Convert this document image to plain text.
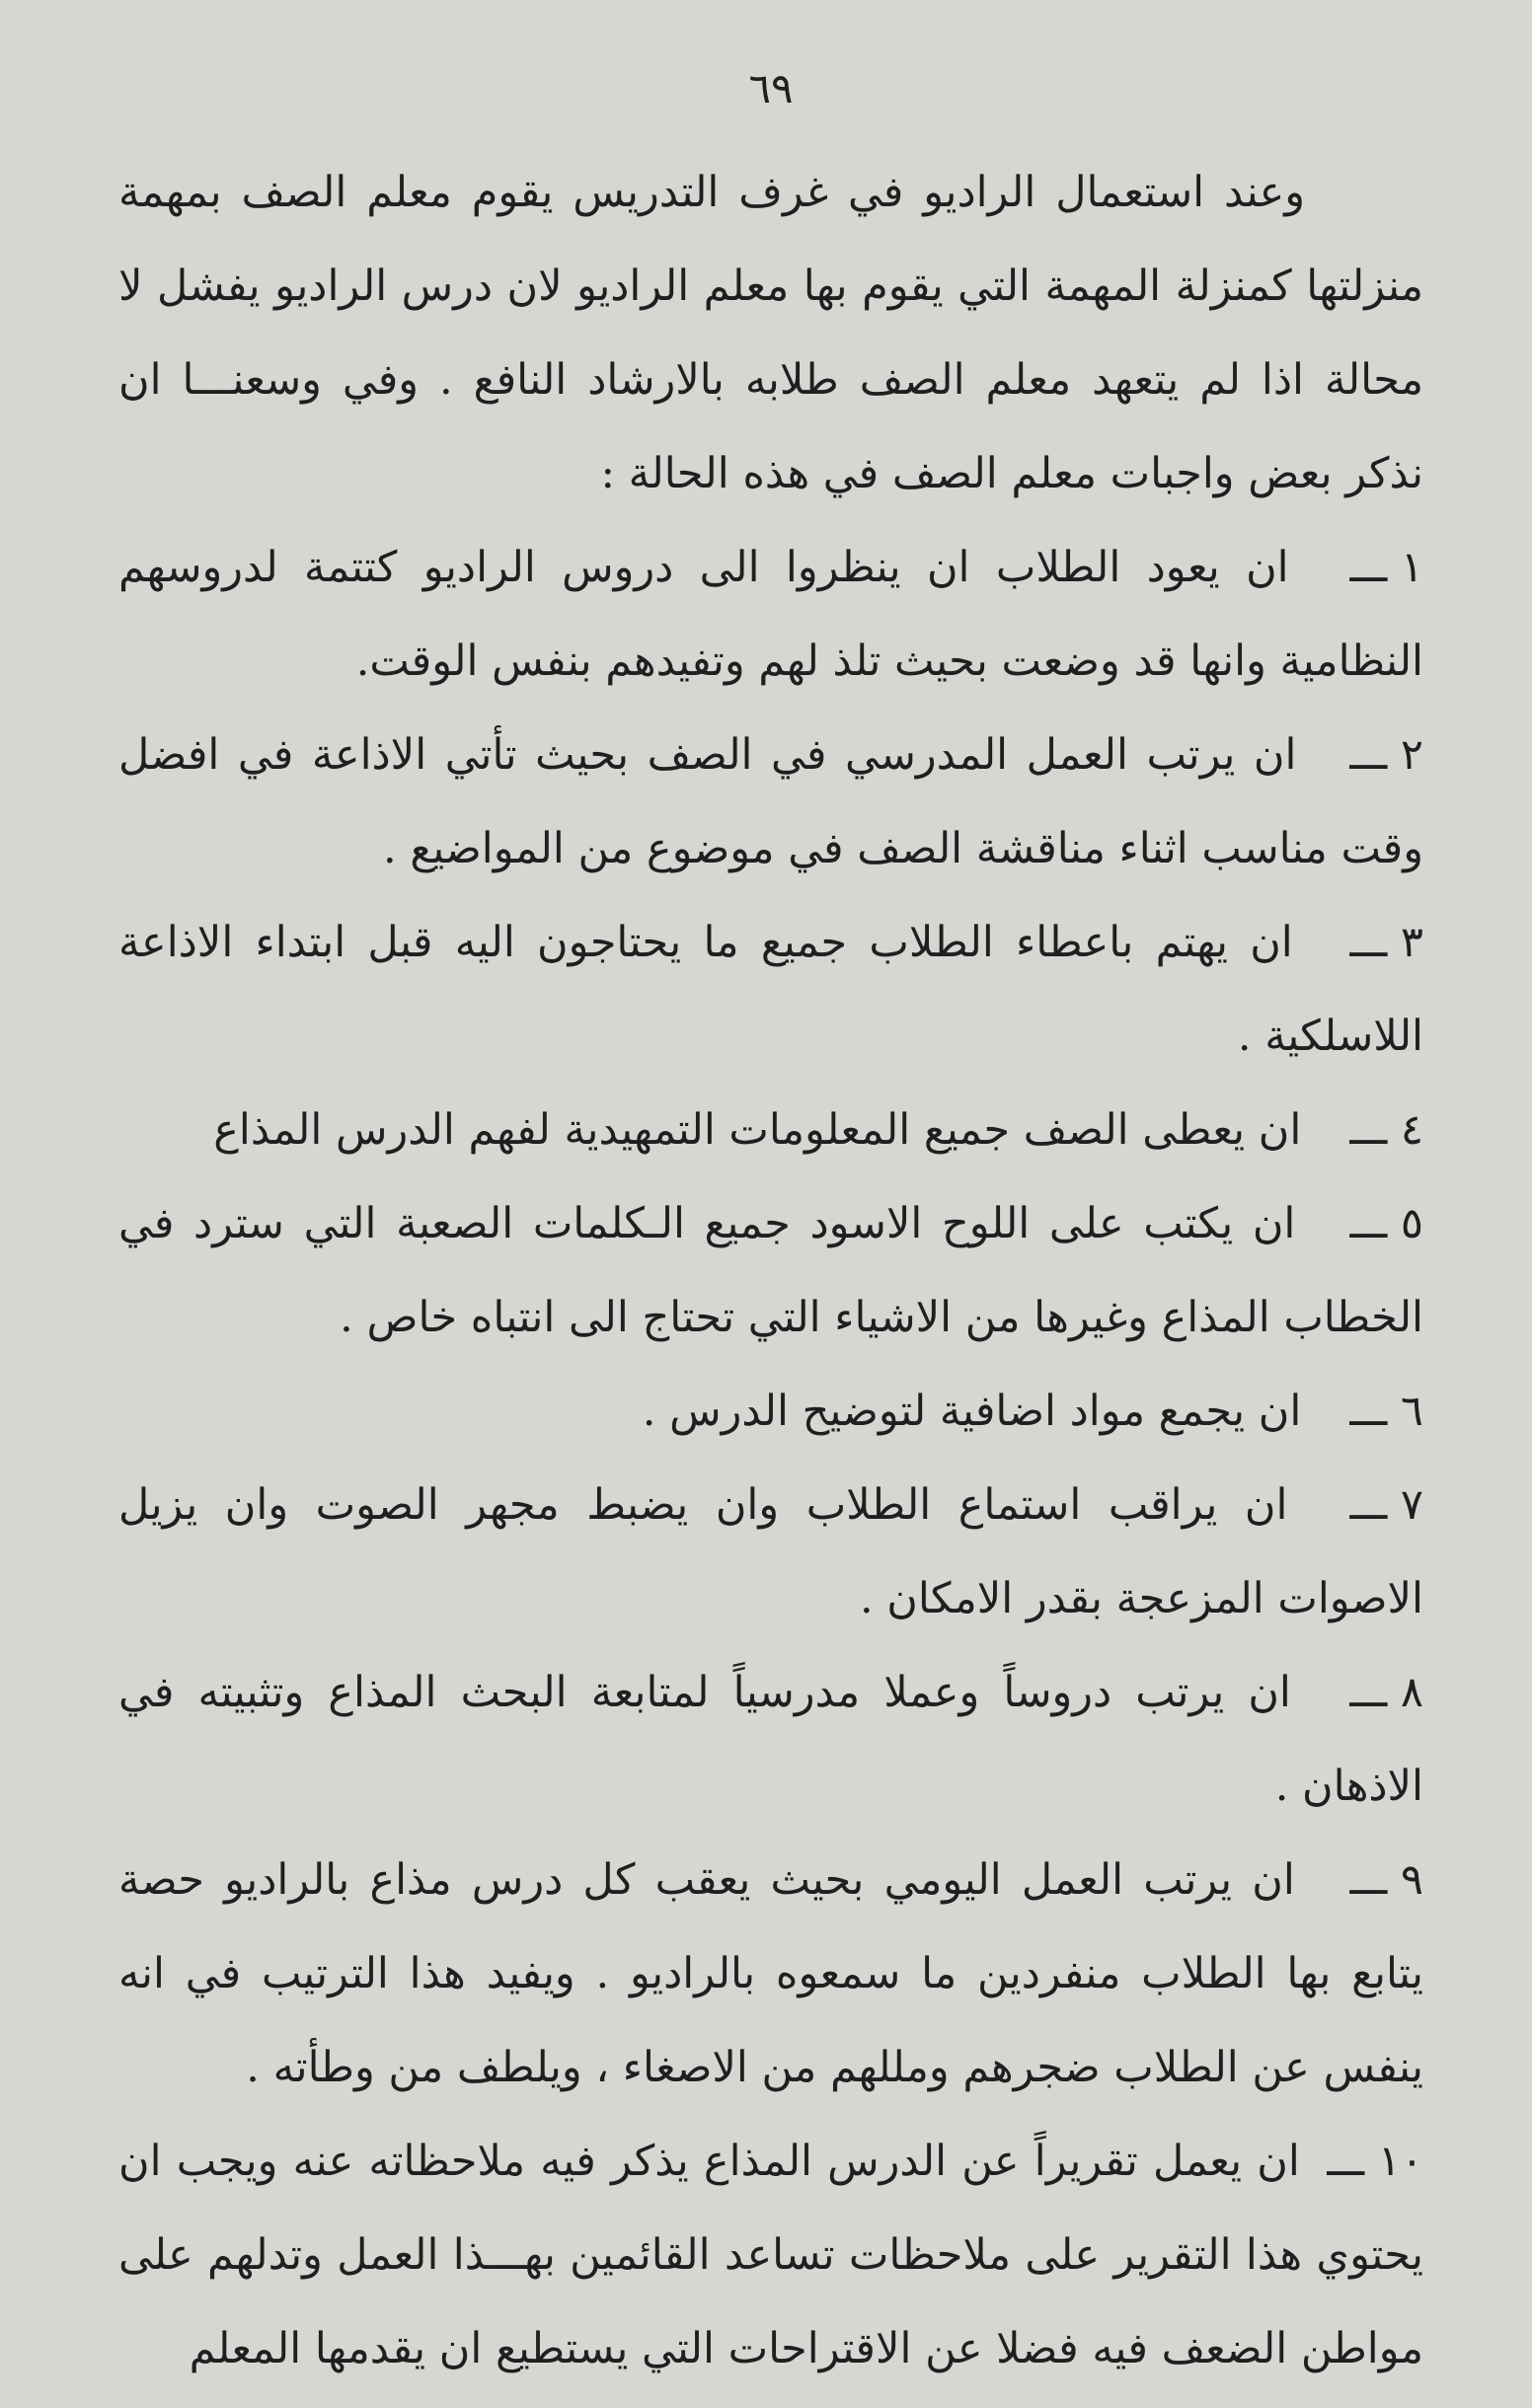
٦٩

وعند استعمال الراديو في غرف التدريس يقوم معلم الصف بمهمة منزلتها كمنزلة المهمة التي يقوم بها معلم الراديو لان درس الراديو يفشل لا محالة اذا لم يتعهد معلم الصف طلابه بالارشاد النافع . وفي وسعنـــا ان نذكر بعض واجبات معلم الصف في هذه الحالة :

١ ـــ ان يعود الطلاب ان ينظروا الى دروس الراديو كتتمة لدروسهم النظامية وانها قد وضعت بحيث تلذ لهم وتفيدهم بنفس الوقت.

٢ ـــ ان يرتب العمل المدرسي في الصف بحيث تأتي الاذاعة في افضل وقت مناسب اثناء مناقشة الصف في موضوع من المواضيع .

٣ ـــ ان يهتم باعطاء الطلاب جميع ما يحتاجون اليه قبل ابتداء الاذاعة اللاسلكية .

٤ ـــ ان يعطى الصف جميع المعلومات التمهيدية لفهم الدرس المذاع

٥ ـــ ان يكتب على اللوح الاسود جميع الـكلمات الصعبة التي سترد في الخطاب المذاع وغيرها من الاشياء التي تحتاج الى انتباه خاص .

٦ ـــ ان يجمع مواد اضافية لتوضيح الدرس .

٧ ـــ ان يراقب استماع الطلاب وان يضبط مجهر الصوت وان يزيل الاصوات المزعجة بقدر الامكان .

٨ ـــ ان يرتب دروساً وعملا مدرسياً لمتابعة البحث المذاع وتثبيته في الاذهان .

٩ ـــ ان يرتب العمل اليومي بحيث يعقب كل درس مذاع بالراديو حصة يتابع بها الطلاب منفردين ما سمعوه بالراديو . ويفيد هذا الترتيب في انه ينفس عن الطلاب ضجرهم ومللهم من الاصغاء ، ويلطف من وطأته .

١٠ ـــ ان يعمل تقريراً عن الدرس المذاع يذكر فيه ملاحظاته عنه ويجب ان يحتوي هذا التقرير على ملاحظات تساعد القائمين بهـــذا العمل وتدلهم على مواطن الضعف فيه فضلا عن الاقتراحات التي يستطيع ان يقدمها المعلم
